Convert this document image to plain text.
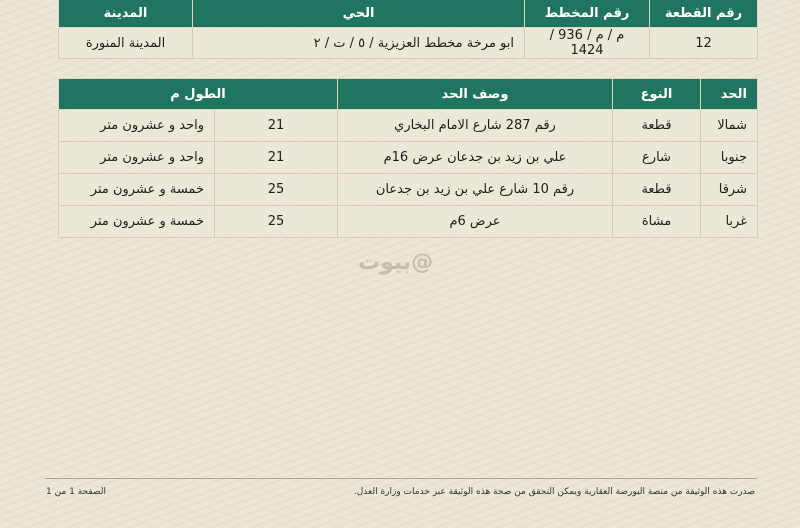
رقم القطعة	رقم المخطط	الحي	المدينة
12	م / م / 936 / 1424	ابو مرخة مخطط العزيزية / ٥ / ت / ٢	المدينة المنورة
الحد	النوع	وصف الحد	الطول م	
شمالا	قطعة	رقم 287 شارع الامام البخاري	21	واحد و عشرون متر
جنوبا	شارع	علي بن زيد بن جدعان عرض 16م	21	واحد و عشرون متر
شرقا	قطعة	رقم 10 شارع علي بن زيد بن جدعان	25	خمسة و عشرون متر
غربا	مشاة	عرض 6م	25	خمسة و عشرون متر
بيوت@
صدرت هذه الوثيقة من منصة البورصة العقارية ويمكن التحقق من صحة هذه الوثيقة عبر خدمات وزارة العدل.
الصفحة 1 من 1
